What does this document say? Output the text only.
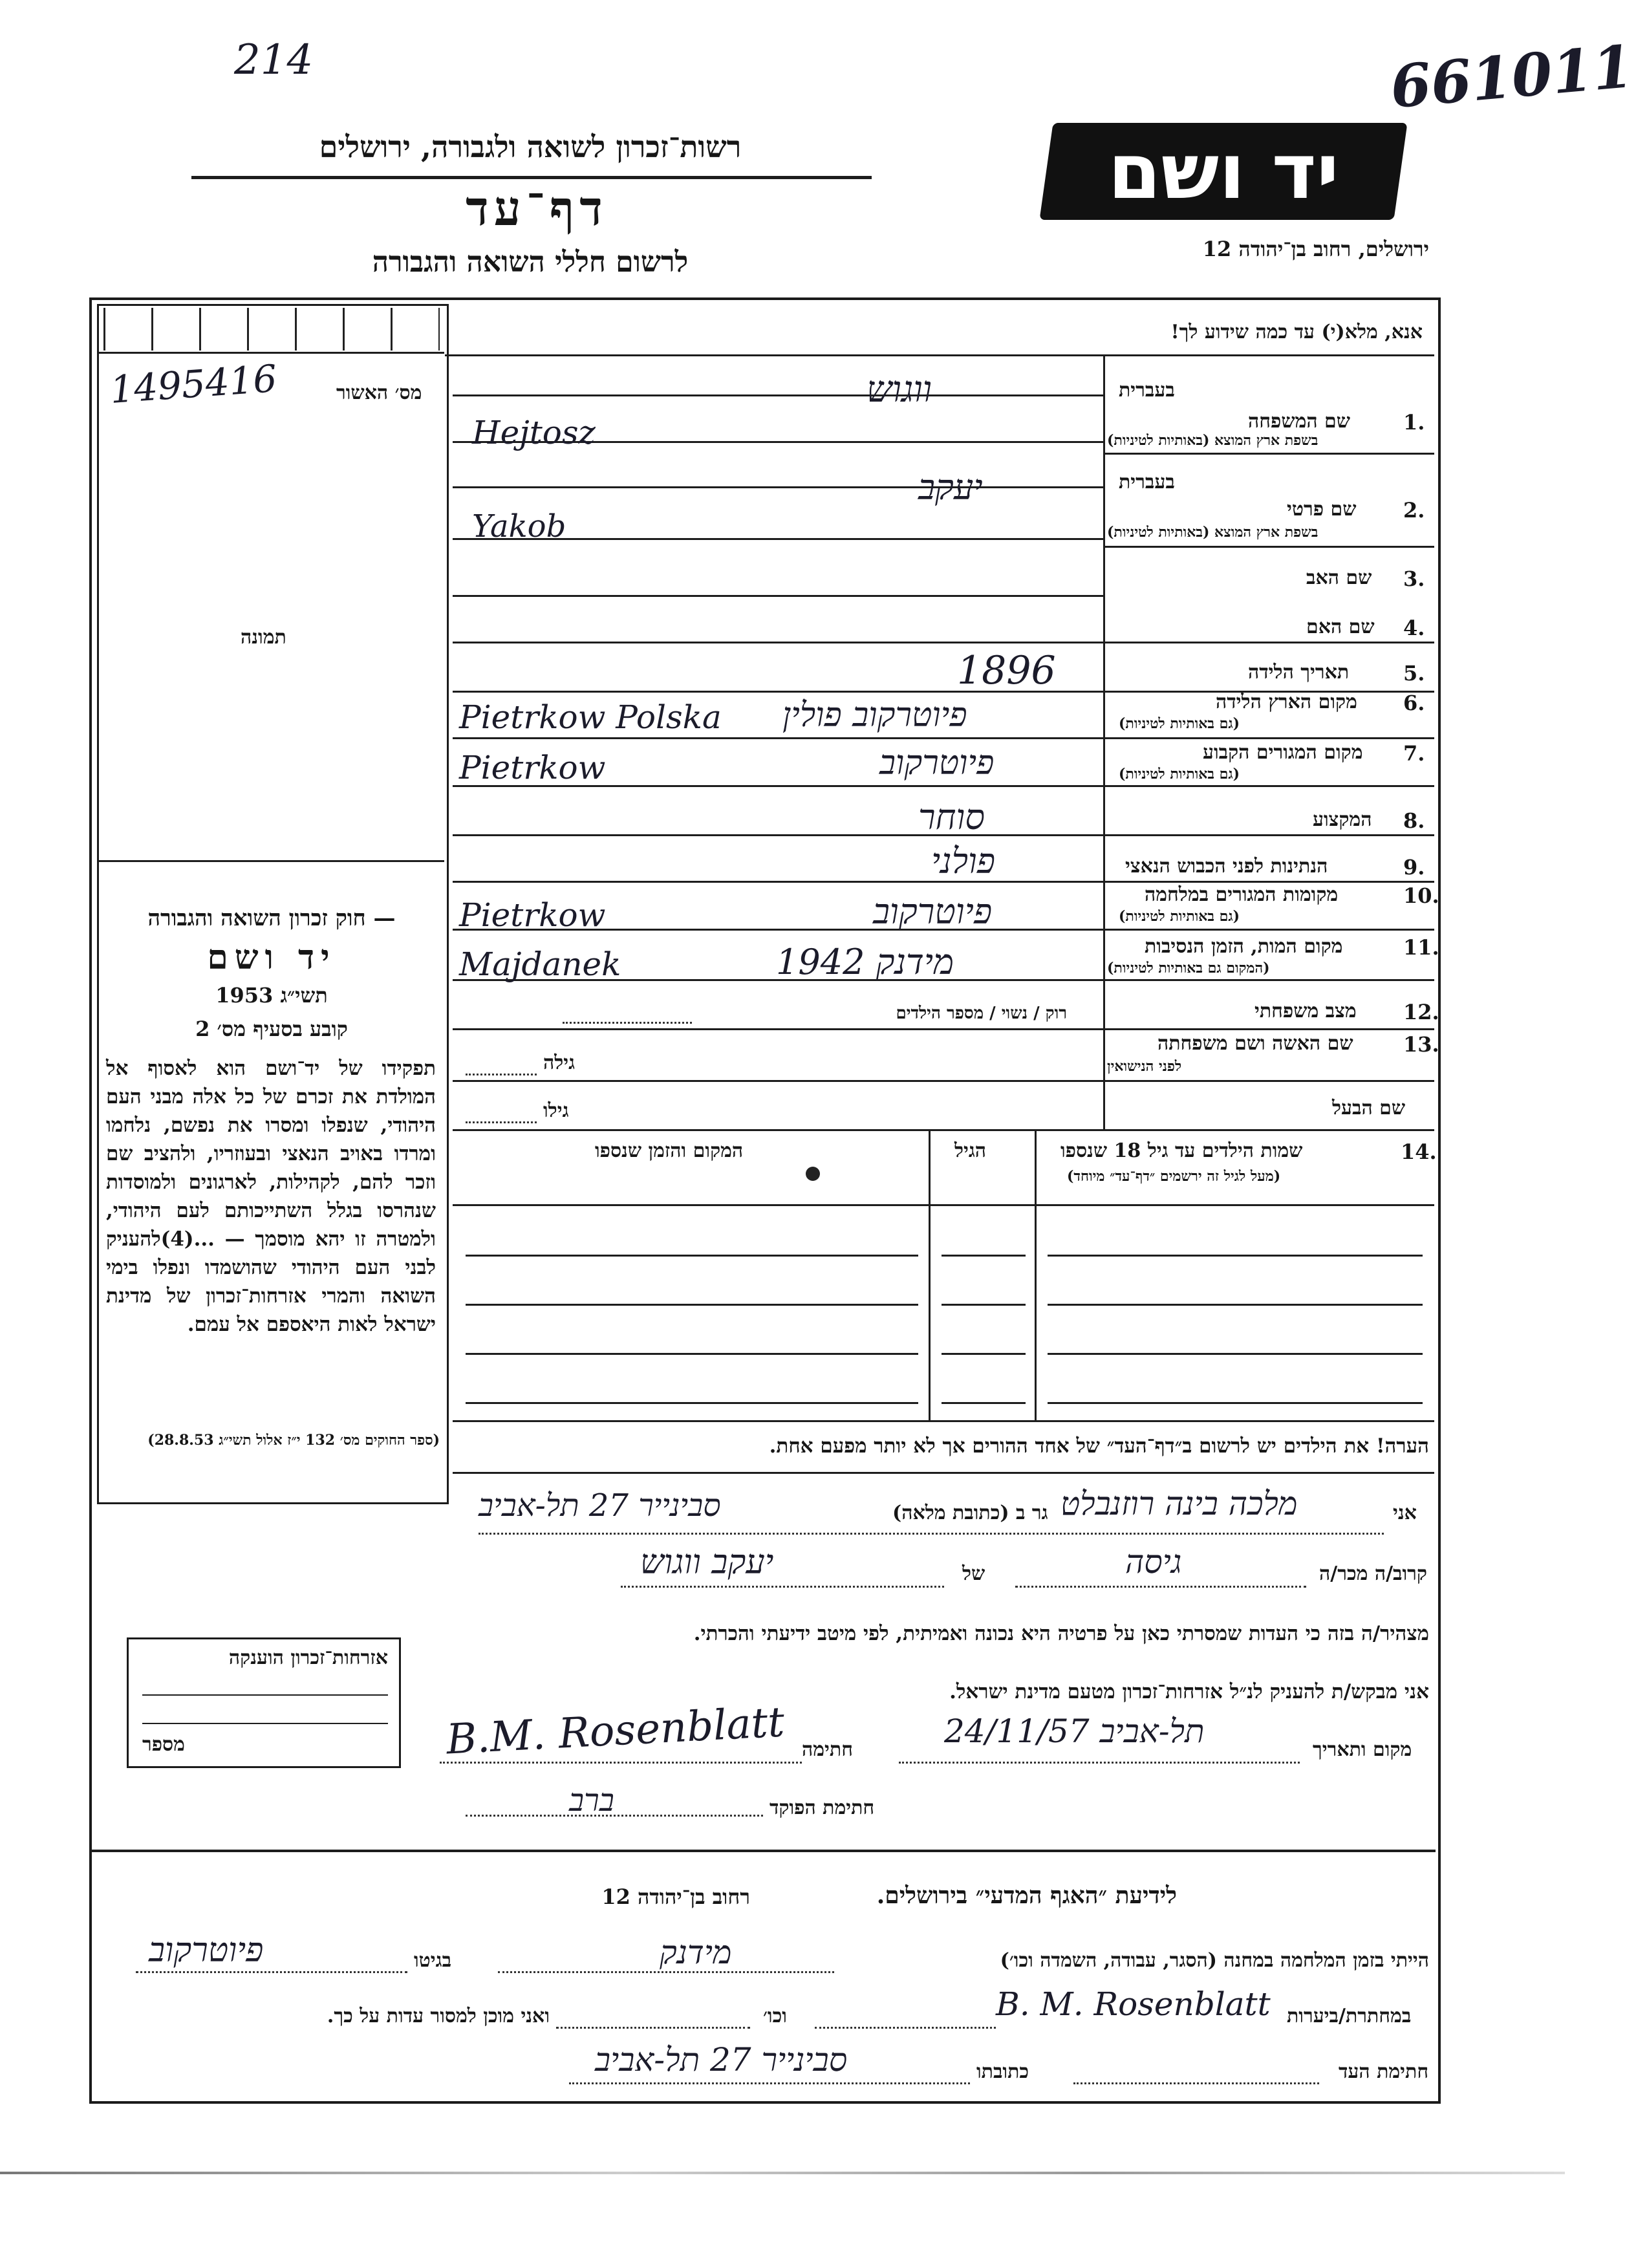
214	661011
רשות־זכרון לשואה ולגבורה, ירושלים
דף־עד
לרשום חללי השואה והגבורה
יד ושם
ירושלים, רחוב בן־יהודה 12
מס׳ האשור
1495416
תמונה
— חוק זכרון השואה והגבורה
יד ושם
תשי״ג 1953
קובע בסעיף מס׳ 2
תפקידו של יד־ושם הוא לאסוף אל המולדת את זכרם של כל אלה מבני העם היהודי, שנפלו ומסרו את נפשם, נלחמו ומרדו באויב הנאצי ובעוזריו, ולהציב שם וזכר להם, לקהילות, לארגונים ולמוסדות שנהרסו בגלל השתייכותם לעם היהודי, ולמטרה זו יהא מוסמך — ...(4)להעניק לבני העם היהודי שהושמדו ונפלו בימי השואה והמרי אזרחות־זכרון של מדינת ישראל לאות היאספם אל עמם.
(ספר החוקים מס׳ 132 י״ז אלול תשי״ג 28.8.53)
אנא, מלא(י) עד כמה שידוע לך!
בעברית
בעברית
1.
שם המשפחה
בשפת ארץ המוצא (באותיות לטיניות)
ווגוש
Hejtosz
2.
שם פרטי
בשפת ארץ המוצא (באותיות לטיניות)
יעקב
Yakob
3.
שם האב
4.
שם האם
5.
תאריך הלידה
1896
6.
מקום הארץ הלידה
(גם באותיות לטיניות)
פיוטרקוב פולין
Pietrkow Polska
7.
מקום המגורים הקבוע
(גם באותיות לטיניות)
פיוטרקוב
Pietrkow
8.
המקצוע
סוחר
9.
הנתינות לפני הכבוש הנאצי
פולני
10.
מקומות המגורים במלחמה
(גם באותיות לטיניות)
פיוטרקוב
Pietrkow
11.
מקום המות, הזמן הנסיבות
(המקום גם באותיות לטיניות)
מידנק 1942
Majdanek
12.
מצב משפחתי
רוק / נשוי / מספר הילדים
13.
שם האשה ושם משפחתה
לפני הנישואין
גילה
שם הבעל
גילו
14.
שמות הילדים עד גיל 18 שנספו
(מעל לגיל זה ירשמים ״דף־עד״ מיוחד)
הגיל
המקום והזמן שנספו
הערה! את הילדים יש לרשום ב״דף־העד״ של אחד ההורים אך לא יותר מפעם אחת.
אני
מלכה בינה רוזנבלט
גר ב (כתובת מלאה)
סבינייר 27 תל-אביב
קרוב/ה מכר/ה
גיסה
של
יעקב ווגוש
מצהיר/ה בזה כי העדות שמסרתי כאן על פרטיה היא נכונה ואמיתית, לפי מיטב ידיעתי והכרתי.
אני מבקש/ת להעניק לנ״ל אזרחות־זכרון מטעם מדינת ישראל.
מקום ותאריך
תל-אביב 24/11/57
חתימה
B.M. Rosenblatt
חתימת הפוקד
ברב
אזרחות־זכרון הוענקה
מספר
לידיעת ״האגף המדעי״ בירושלים.
רחוב בן־יהודה 12
הייתי בזמן המלחמה במחנה (הסגר, עבודה, השמדה וכו׳)
מידנק
בגיטו
פיוטרקוב
במחתרת/ביערות
B. M. Rosenblatt
וכו׳
ואני מוכן למסור עדות על כך.
חתימת העד
כתובתו
סבינייר 27 תל-אביב
